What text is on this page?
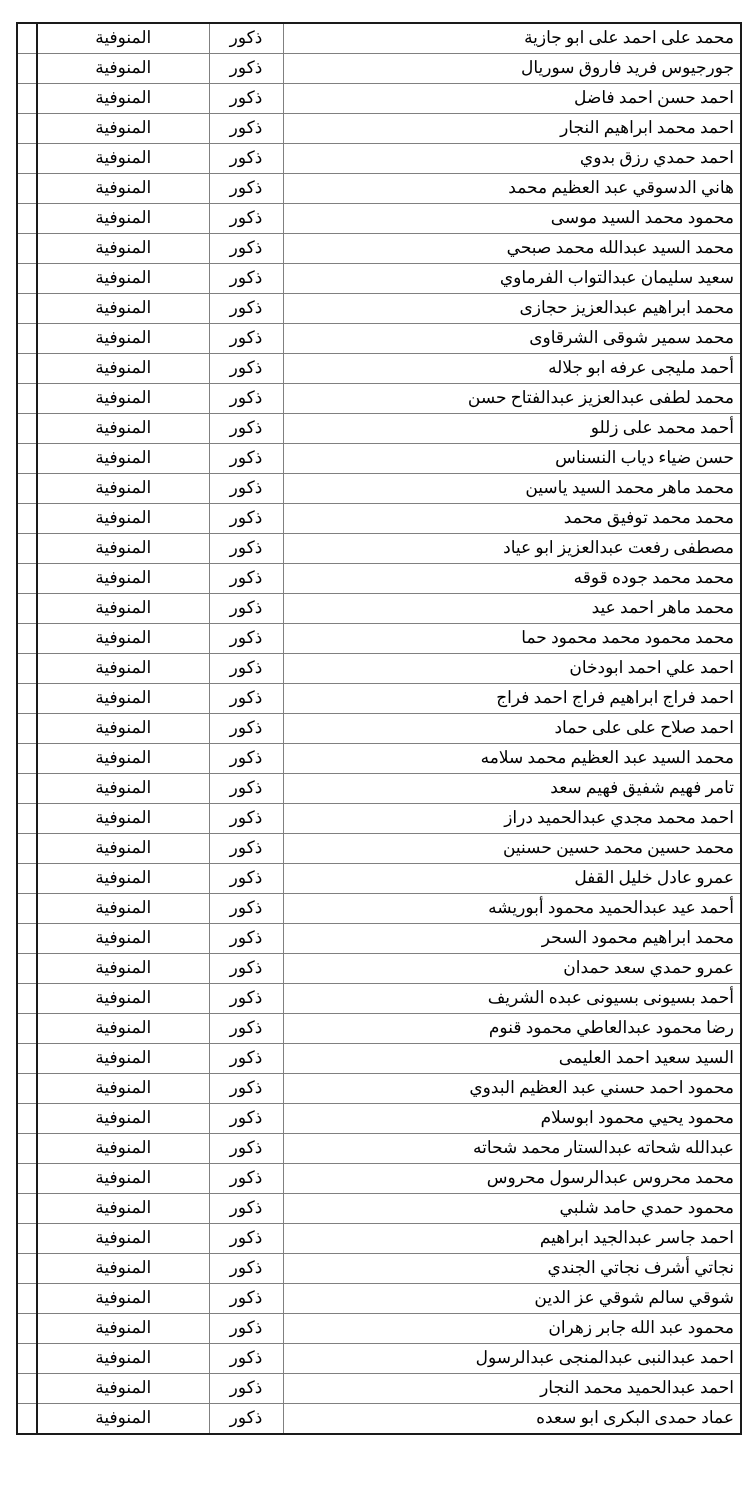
محمد على احمد على ابو جازية	ذكور	المنوفية	
جورجيوس فريد فاروق سوريال	ذكور	المنوفية	
احمد حسن احمد فاضل	ذكور	المنوفية	
احمد محمد ابراهيم النجار	ذكور	المنوفية	
احمد حمدي رزق بدوي	ذكور	المنوفية	
هاني الدسوقي عبد العظيم محمد	ذكور	المنوفية	
محمود محمد السيد موسى	ذكور	المنوفية	
محمد السيد عبدالله محمد صبحي	ذكور	المنوفية	
سعيد سليمان عبدالتواب الفرماوي	ذكور	المنوفية	
محمد ابراهيم عبدالعزيز حجازى	ذكور	المنوفية	
محمد سمير شوقى الشرقاوى	ذكور	المنوفية	
أحمد مليجى عرفه ابو جلاله	ذكور	المنوفية	
محمد لطفى عبدالعزيز عبدالفتاح حسن	ذكور	المنوفية	
أحمد محمد على زللو	ذكور	المنوفية	
حسن ضياء دياب النسناس	ذكور	المنوفية	
محمد ماهر محمد السيد ياسين	ذكور	المنوفية	
محمد محمد توفيق محمد	ذكور	المنوفية	
مصطفى رفعت عبدالعزيز ابو عياد	ذكور	المنوفية	
محمد محمد جوده قوقه	ذكور	المنوفية	
محمد ماهر احمد عيد	ذكور	المنوفية	
محمد محمود محمد محمود حما	ذكور	المنوفية	
احمد علي احمد ابودخان	ذكور	المنوفية	
احمد فراج ابراهيم فراج احمد فراج	ذكور	المنوفية	
احمد صلاح على على حماد	ذكور	المنوفية	
محمد السيد عبد العظيم محمد سلامه	ذكور	المنوفية	
تامر فهيم شفيق فهيم سعد	ذكور	المنوفية	
احمد محمد مجدي عبدالحميد دراز	ذكور	المنوفية	
محمد حسين محمد حسين حسنين	ذكور	المنوفية	
عمرو عادل خليل القفل	ذكور	المنوفية	
أحمد عيد عبدالحميد محمود أبوريشه	ذكور	المنوفية	
محمد ابراهيم محمود السحر	ذكور	المنوفية	
عمرو حمدي سعد حمدان	ذكور	المنوفية	
أحمد بسيونى بسيونى عبده الشريف	ذكور	المنوفية	
رضا محمود عبدالعاطي محمود قنوم	ذكور	المنوفية	
السيد سعيد احمد العليمى	ذكور	المنوفية	
محمود احمد حسني عبد العظيم البدوي	ذكور	المنوفية	
محمود يحيي محمود ابوسلام	ذكور	المنوفية	
عبدالله شحاته عبدالستار محمد شحاته	ذكور	المنوفية	
محمد محروس عبدالرسول محروس	ذكور	المنوفية	
محمود حمدي حامد شلبي	ذكور	المنوفية	
احمد جاسر عبدالجيد ابراهيم	ذكور	المنوفية	
نجاتي أشرف نجاتي الجندي	ذكور	المنوفية	
شوقي سالم شوقي عز الدين	ذكور	المنوفية	
محمود عبد الله جابر زهران	ذكور	المنوفية	
احمد عبدالنبى عبدالمنجى عبدالرسول	ذكور	المنوفية	
احمد عبدالحميد محمد النجار	ذكور	المنوفية	
عماد حمدى البكرى ابو سعده	ذكور	المنوفية	
